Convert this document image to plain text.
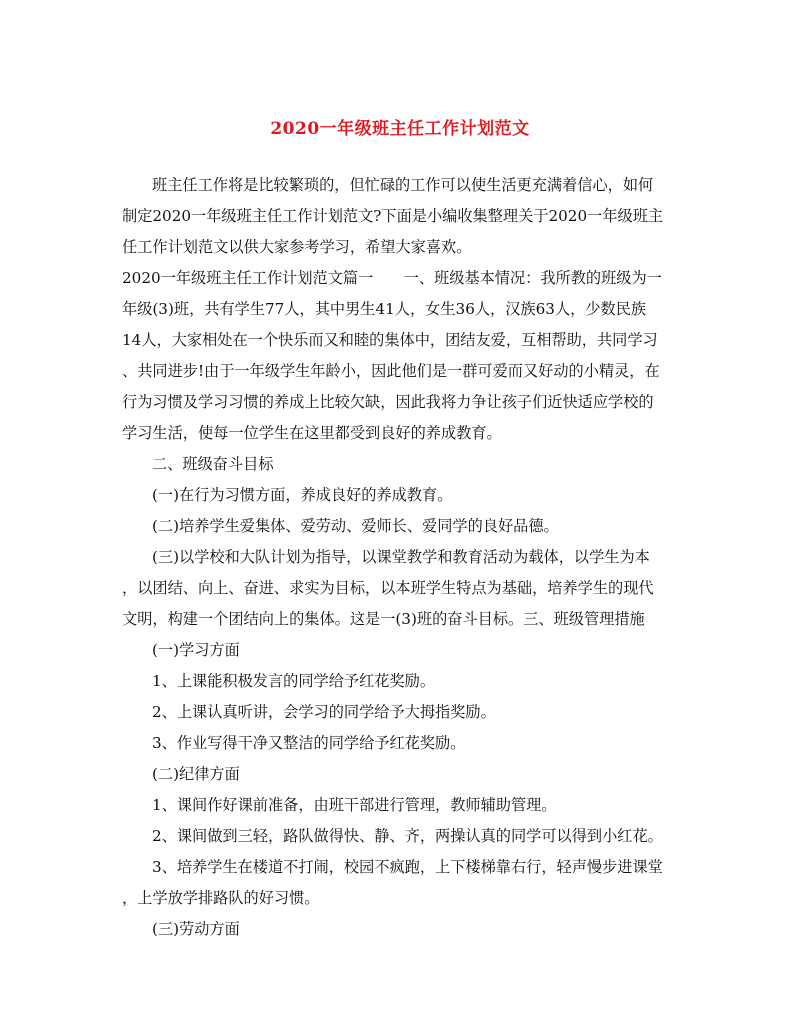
2020一年级班主任工作计划范文
班主任工作将是比较繁琐的，但忙碌的工作可以使生活更充满着信心，如何
制定2020一年级班主任工作计划范文?下面是小编收集整理关于2020一年级班主
任工作计划范文以供大家参考学习，希望大家喜欢。
2020一年级班主任工作计划范文篇一　　一、班级基本情况：我所教的班级为一
年级(3)班，共有学生77人，其中男生41人，女生36人，汉族63人，少数民族
14人，大家相处在一个快乐而又和睦的集体中，团结友爱，互相帮助，共同学习
、共同进步!由于一年级学生年龄小，因此他们是一群可爱而又好动的小精灵，在
行为习惯及学习习惯的养成上比较欠缺，因此我将力争让孩子们近快适应学校的
学习生活，使每一位学生在这里都受到良好的养成教育。
二、班级奋斗目标
(一)在行为习惯方面，养成良好的养成教育。
(二)培养学生爱集体、爱劳动、爱师长、爱同学的良好品德。
(三)以学校和大队计划为指导，以课堂教学和教育活动为载体，以学生为本
，以团结、向上、奋进、求实为目标，以本班学生特点为基础，培养学生的现代
文明，构建一个团结向上的集体。这是一(3)班的奋斗目标。三、班级管理措施
(一)学习方面
1、上课能积极发言的同学给予红花奖励。
2、上课认真听讲，会学习的同学给予大拇指奖励。
3、作业写得干净又整洁的同学给予红花奖励。
(二)纪律方面
1、课间作好课前准备，由班干部进行管理，教师辅助管理。
2、课间做到三轻，路队做得快、静、齐，两操认真的同学可以得到小红花。
3、培养学生在楼道不打闹，校园不疯跑，上下楼梯靠右行，轻声慢步进课堂
，上学放学排路队的好习惯。
(三)劳动方面
